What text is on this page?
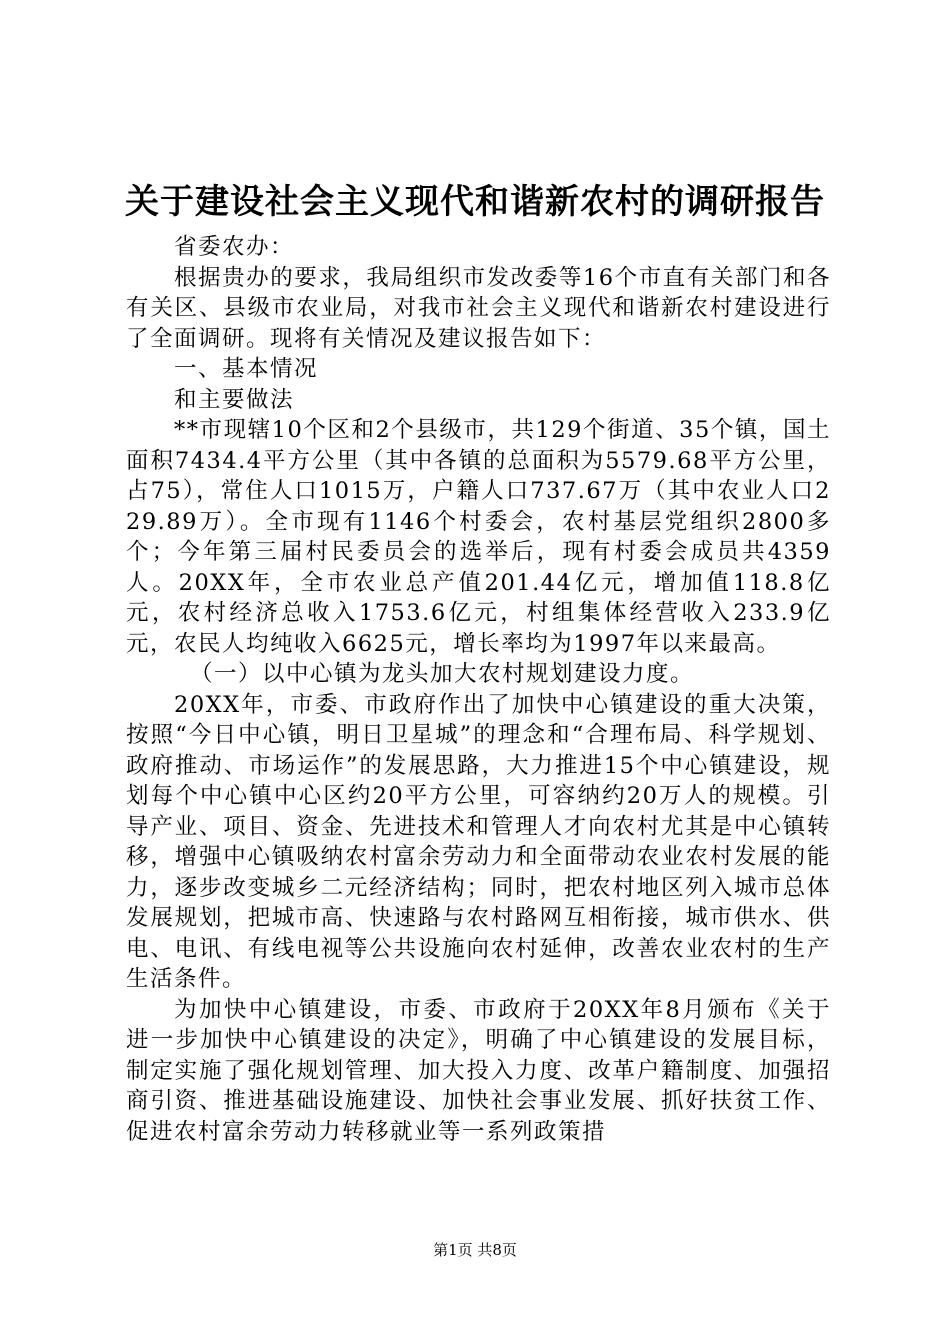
关于建设社会主义现代和谐新农村的调研报告

省委农办：

根据贵办的要求，我局组织市发改委等16个市直有关部门和各有关区、县级市农业局，对我市社会主义现代和谐新农村建设进行了全面调研。现将有关情况及建议报告如下：

一、基本情况

和主要做法

**市现辖10个区和2个县级市，共129个街道、35个镇，国土面积7434.4平方公里（其中各镇的总面积为5579.68平方公里，占75），常住人口1015万，户籍人口737.67万（其中农业人口229.89万）。全市现有1146个村委会，农村基层党组织2800多个；今年第三届村民委员会的选举后，现有村委会成员共4359人。20XX年，全市农业总产值201.44亿元，增加值118.8亿元，农村经济总收入1753.6亿元，村组集体经营收入233.9亿元，农民人均纯收入6625元，增长率均为1997年以来最高。

（一）以中心镇为龙头加大农村规划建设力度。

20XX年，市委、市政府作出了加快中心镇建设的重大决策，按照“今日中心镇，明日卫星城”的理念和“合理布局、科学规划、政府推动、市场运作”的发展思路，大力推进15个中心镇建设，规划每个中心镇中心区约20平方公里，可容纳约20万人的规模。引导产业、项目、资金、先进技术和管理人才向农村尤其是中心镇转移，增强中心镇吸纳农村富余劳动力和全面带动农业农村发展的能力，逐步改变城乡二元经济结构；同时，把农村地区列入城市总体发展规划，把城市高、快速路与农村路网互相衔接，城市供水、供电、电讯、有线电视等公共设施向农村延伸，改善农业农村的生产生活条件。

为加快中心镇建设，市委、市政府于20XX年8月颁布《关于进一步加快中心镇建设的决定》，明确了中心镇建设的发展目标，制定实施了强化规划管理、加大投入力度、改革户籍制度、加强招商引资、推进基础设施建设、加快社会事业发展、抓好扶贫工作、促进农村富余劳动力转移就业等一系列政策措

第1页 共8页
